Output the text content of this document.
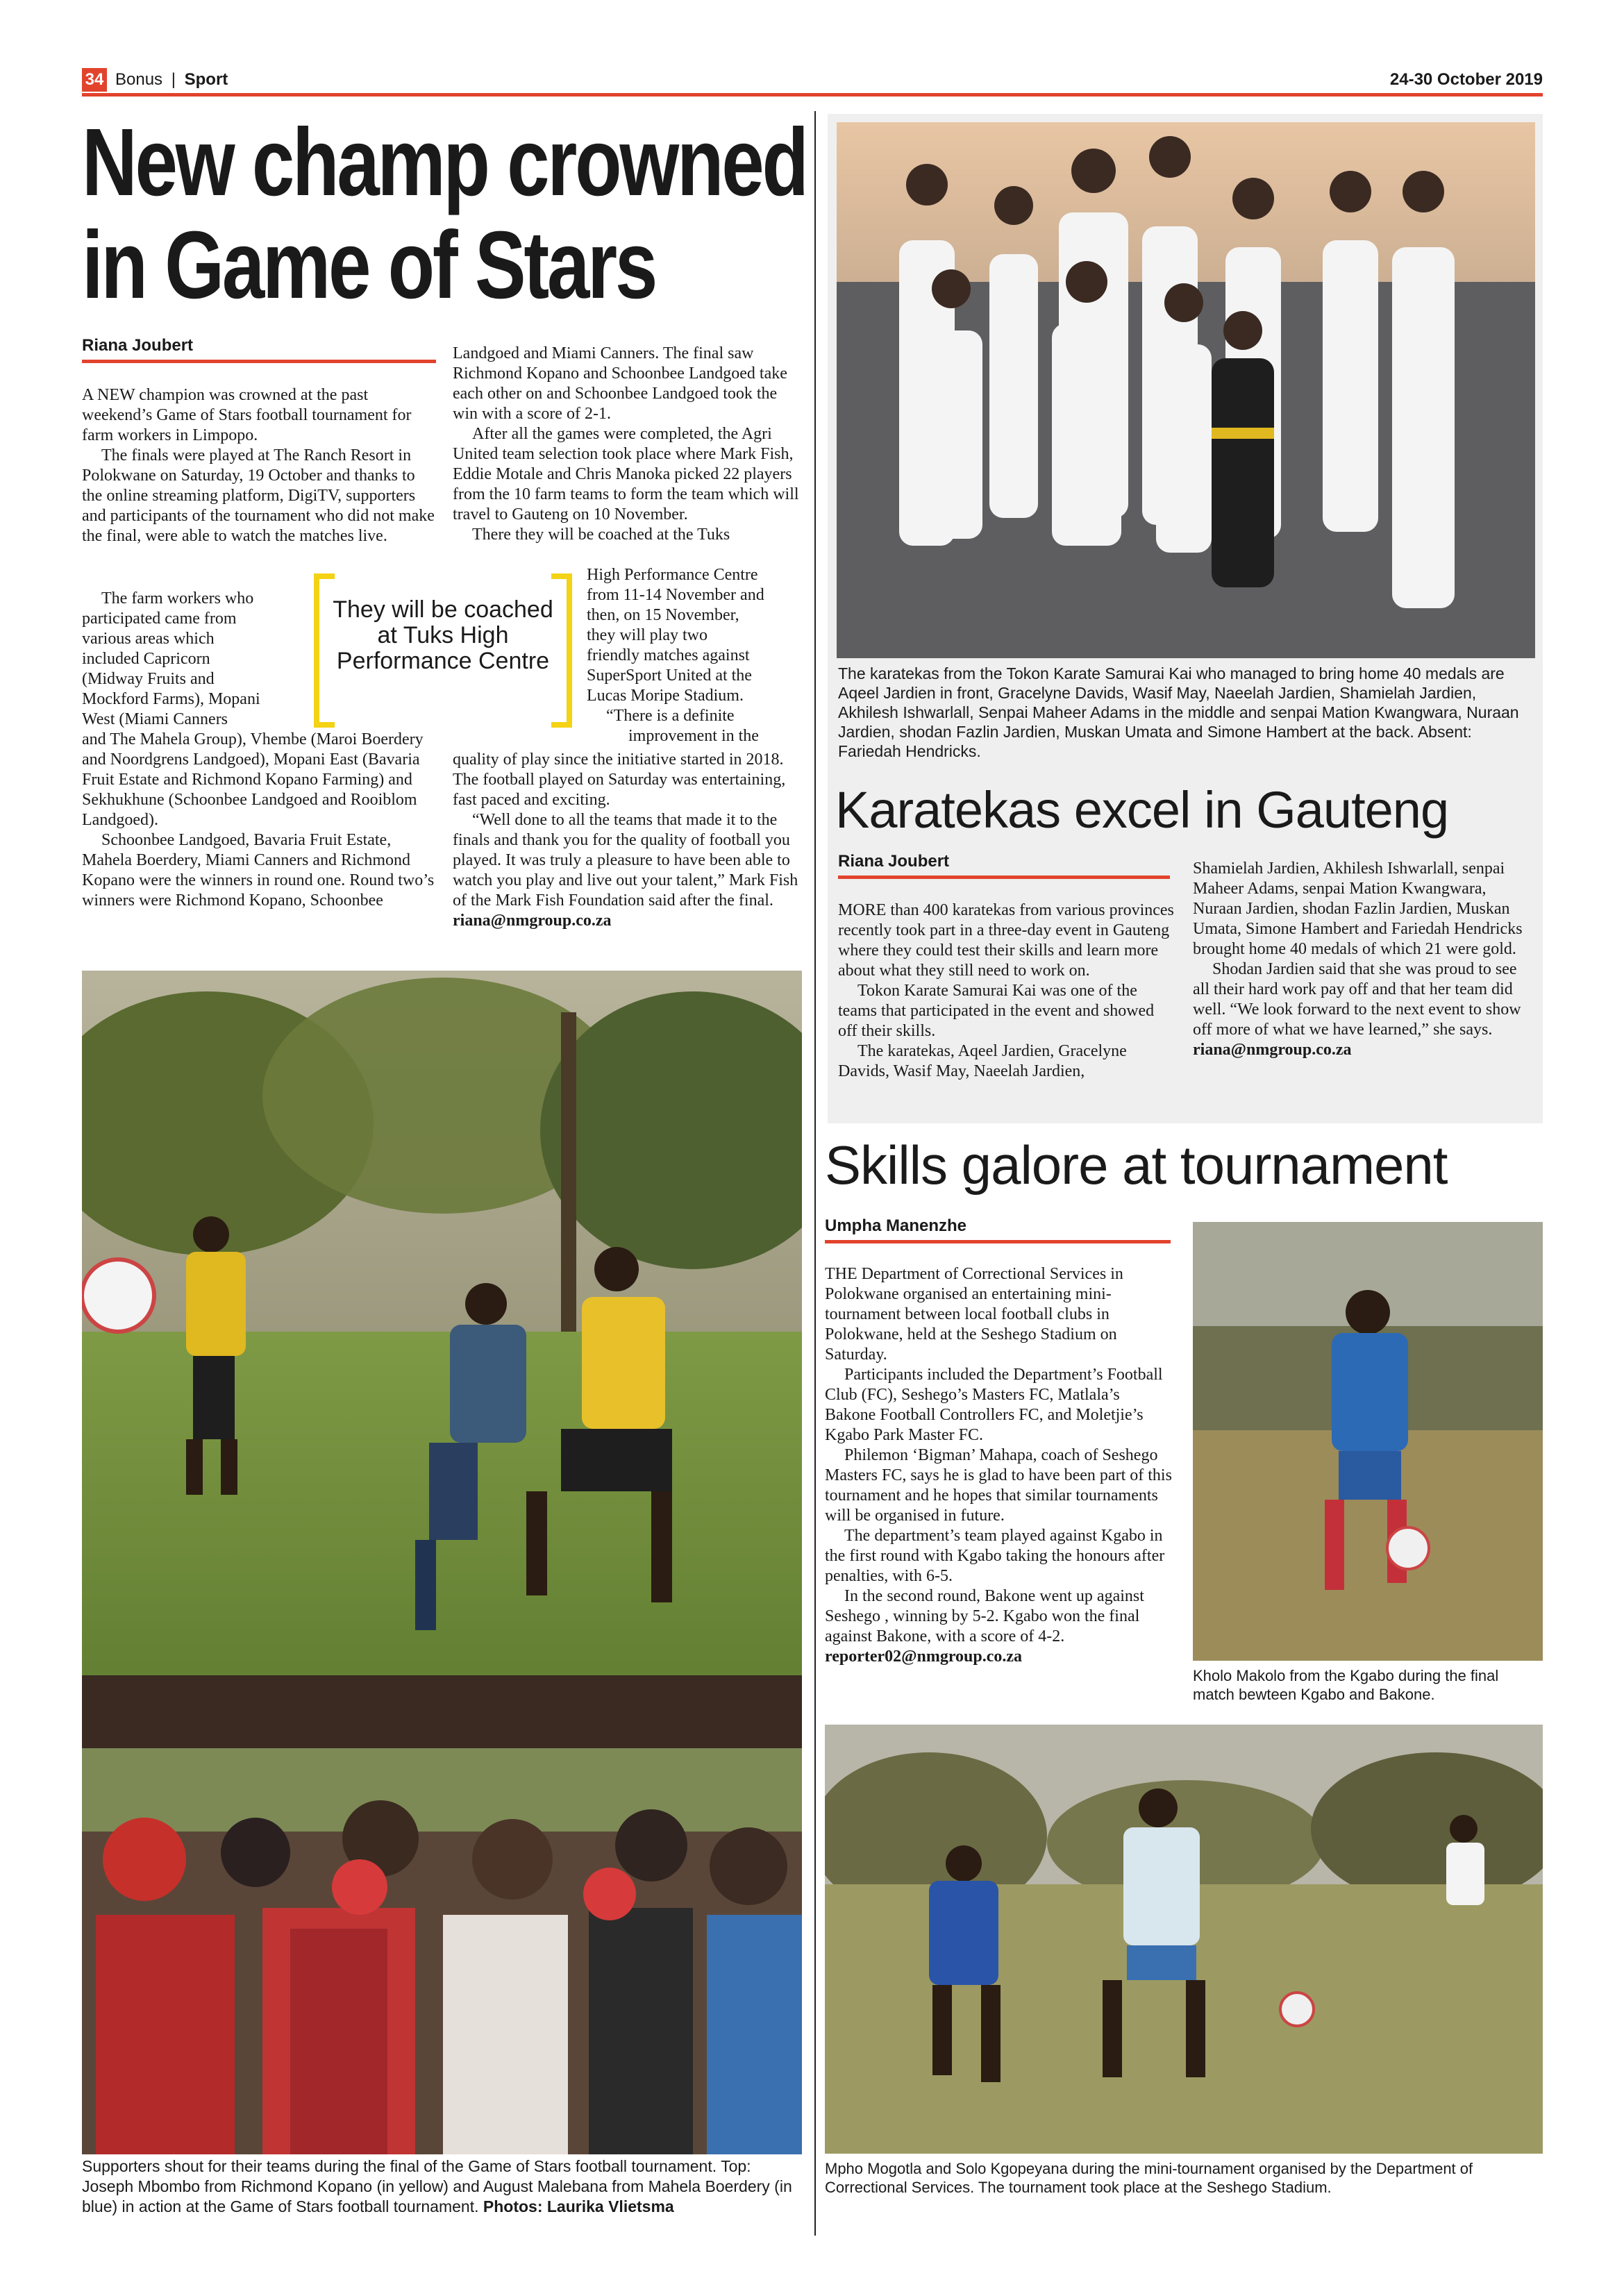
34 Bonus | Sport	24-30 October 2019
New champ crowned
in Game of Stars
Riana Joubert

A NEW champion was crowned at the past weekend’s Game of Stars football tournament for farm workers in Limpopo.

The finals were played at The Ranch Resort in Polokwane on Saturday, 19 October and thanks to the online streaming platform, DigiTV, supporters and participants of the tournament who did not make the final, were able to watch the matches live.

The farm workers who
participated came from
various areas which
included Capricorn
(Midway Fruits and
Mockford Farms), Mopani
West (Miami Canners

and The Mahela Group), Vhembe (Maroi Boerdery and Noordgrens Landgoed), Mopani East (Bavaria Fruit Estate and Richmond Kopano Farming) and Sekhukhune (Schoonbee Landgoed and Rooiblom Landgoed).

Schoonbee Landgoed, Bavaria Fruit Estate, Mahela Boerdery, Miami Canners and Richmond Kopano were the winners in round one. Round two’s winners were Richmond Kopano, Schoonbee

Landgoed and Miami Canners. The final saw Richmond Kopano and Schoonbee Landgoed take each other on and Schoonbee Landgoed took the win with a score of 2-1.

After all the games were completed, the Agri United team selection took place where Mark Fish, Eddie Motale and Chris Manoka picked 22 players from the 10 farm teams to form the team which will travel to Gauteng on 10 November.

There they will be coached at the Tuks

High Performance Centre
from 11-14 November and
then, on 15 November,
they will play two
friendly matches against
SuperSport United at the
Lucas Moripe Stadium.
“There is a definite
improvement in the

quality of play since the initiative started in 2018. The football played on Saturday was entertaining, fast paced and exciting.

“Well done to all the teams that made it to the finals and thank you for the quality of football you played. It was truly a pleasure to have been able to watch you play and live out your talent,” Mark Fish of the Mark Fish Foundation said after the final.

riana@nmgroup.co.za

They will be coached at Tuks High Performance Centre
Supporters shout for their teams during the final of the Game of Stars football tournament. Top: Joseph Mbombo from Richmond Kopano (in yellow) and August Malebana from Mahela Boerdery (in blue) in action at the Game of Stars football tournament. Photos: Laurika Vlietsma
The karatekas from the Tokon Karate Samurai Kai who managed to bring home 40 medals are Aqeel Jardien in front, Gracelyne Davids, Wasif May, Naeelah Jardien, Shamielah Jardien, Akhilesh Ishwarlall, Senpai Maheer Adams in the middle and senpai Mation Kwangwara, Nuraan Jardien, shodan Fazlin Jardien, Muskan Umata and Simone Hambert at the back. Absent: Fariedah Hendricks.
Karatekas excel in Gauteng
Riana Joubert

MORE than 400 karatekas from various provinces recently took part in a three-day event in Gauteng where they could test their skills and learn more about what they still need to work on.

Tokon Karate Samurai Kai was one of the teams that participated in the event and showed off their skills.

The karatekas, Aqeel Jardien, Gracelyne Davids, Wasif May, Naeelah Jardien,

Shamielah Jardien, Akhilesh Ishwarlall, senpai Maheer Adams, senpai Mation Kwangwara, Nuraan Jardien, shodan Fazlin Jardien, Muskan Umata, Simone Hambert and Fariedah Hendricks brought home 40 medals of which 21 were gold.

Shodan Jardien said that she was proud to see all their hard work pay off and that her team did well. “We look forward to the next event to show off more of what we have learned,” she says.

riana@nmgroup.co.za

Skills galore at tournament
Umpha Manenzhe

THE Department of Correctional Services in Polokwane organised an entertaining mini-tournament between local football clubs in Polokwane, held at the Seshego Stadium on Saturday.

Participants included the Department’s Football Club (FC), Seshego’s Masters FC, Matlala’s Bakone Football Controllers FC, and Moletjie’s Kgabo Park Master FC.

Philemon ‘Bigman’ Mahapa, coach of Seshego Masters FC, says he is glad to have been part of this tournament and he hopes that similar tournaments will be organised in future.

The department’s team played against Kgabo in the first round with Kgabo taking the honours after penalties, with 6-5.

In the second round, Bakone went up against Seshego , winning by 5-2. Kgabo won the final against Bakone, with a score of 4-2.

reporter02@nmgroup.co.za

Kholo Makolo from the Kgabo during the final match bewteen Kgabo and Bakone.
Mpho Mogotla and Solo Kgopeyana during the mini-tournament organised by the Department of Correctional Services. The tournament took place at the Seshego Stadium.
